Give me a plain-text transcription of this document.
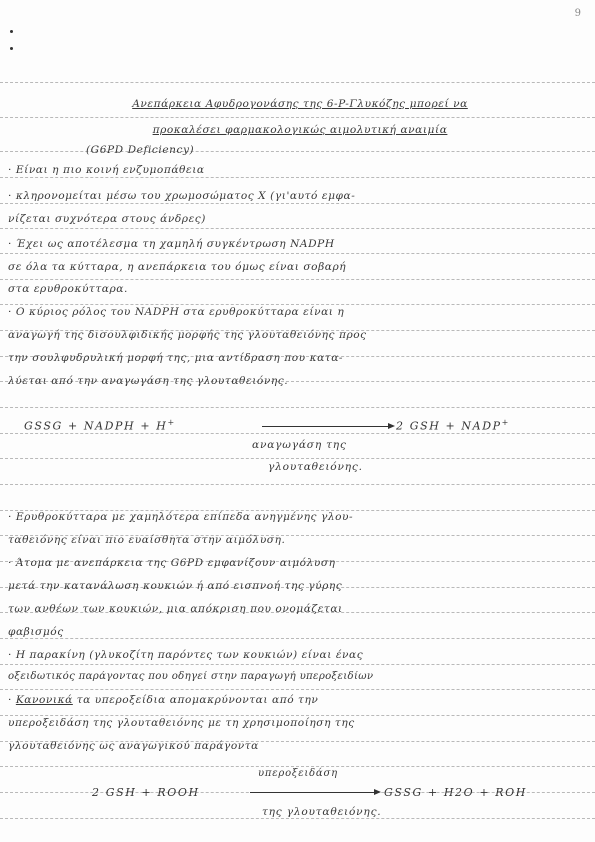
9
Ανεπάρκεια Αφυδρογονάσης της 6-P-Γλυκόζης μπορεί να
προκαλέσει φαρμακολογικώς αιμολυτική αναιμία
(G6PD Deficiency)
· Είναι η πιο κοινή ενζυμοπάθεια
· κληρονομείται μέσω του χρωμοσώματος X (γι'αυτό εμφα-
νίζεται συχνότερα στους άνδρες)
· Έχει ως αποτέλεσμα τη χαμηλή συγκέντρωση NADPH
σε όλα τα κύτταρα, η ανεπάρκεια του όμως είναι σοβαρή
στα ερυθροκύτταρα.
· Ο κύριος ρόλος του NADPH στα ερυθροκύτταρα είναι η
αναγωγή της δισουλφιδικής μορφής της γλουταθειόνης προς
την σουλφυδρυλική μορφή της, μια αντίδραση που κατα-
λύεται από την αναγωγάση της γλουταθειόνης.
GSSG + NADPH + H+	2 GSH + NADP+
αναγωγάση της
γλουταθειόνης.
· Ερυθροκύτταρα με χαμηλότερα επίπεδα ανηγμένης γλου-
ταθειόνης είναι πιο ευαίσθητα στην αιμόλυση.
· Άτομα με ανεπάρκεια της G6PD εμφανίζουν αιμόλυση
μετά την κατανάλωση κουκιών ή από εισπνοή της γύρης
των ανθέων των κουκιών, μια απόκριση που ονομάζεται
φαβισμός
· Η παρακίνη (γλυκοζίτη παρόντες των κουκιών) είναι ένας
οξειδωτικός παράγοντας που οδηγεί στην παραγωγή υπεροξειδίων
· Κανονικά τα υπεροξείδια απομακρύνονται από την
υπεροξειδάση της γλουταθειόνης με τη χρησιμοποίηση της
γλουταθειόνης ως αναγωγικού παράγοντα
2 GSH + ROOH
υπεροξειδάση
GSSG + H2O + ROH
της γλουταθειόνης.
